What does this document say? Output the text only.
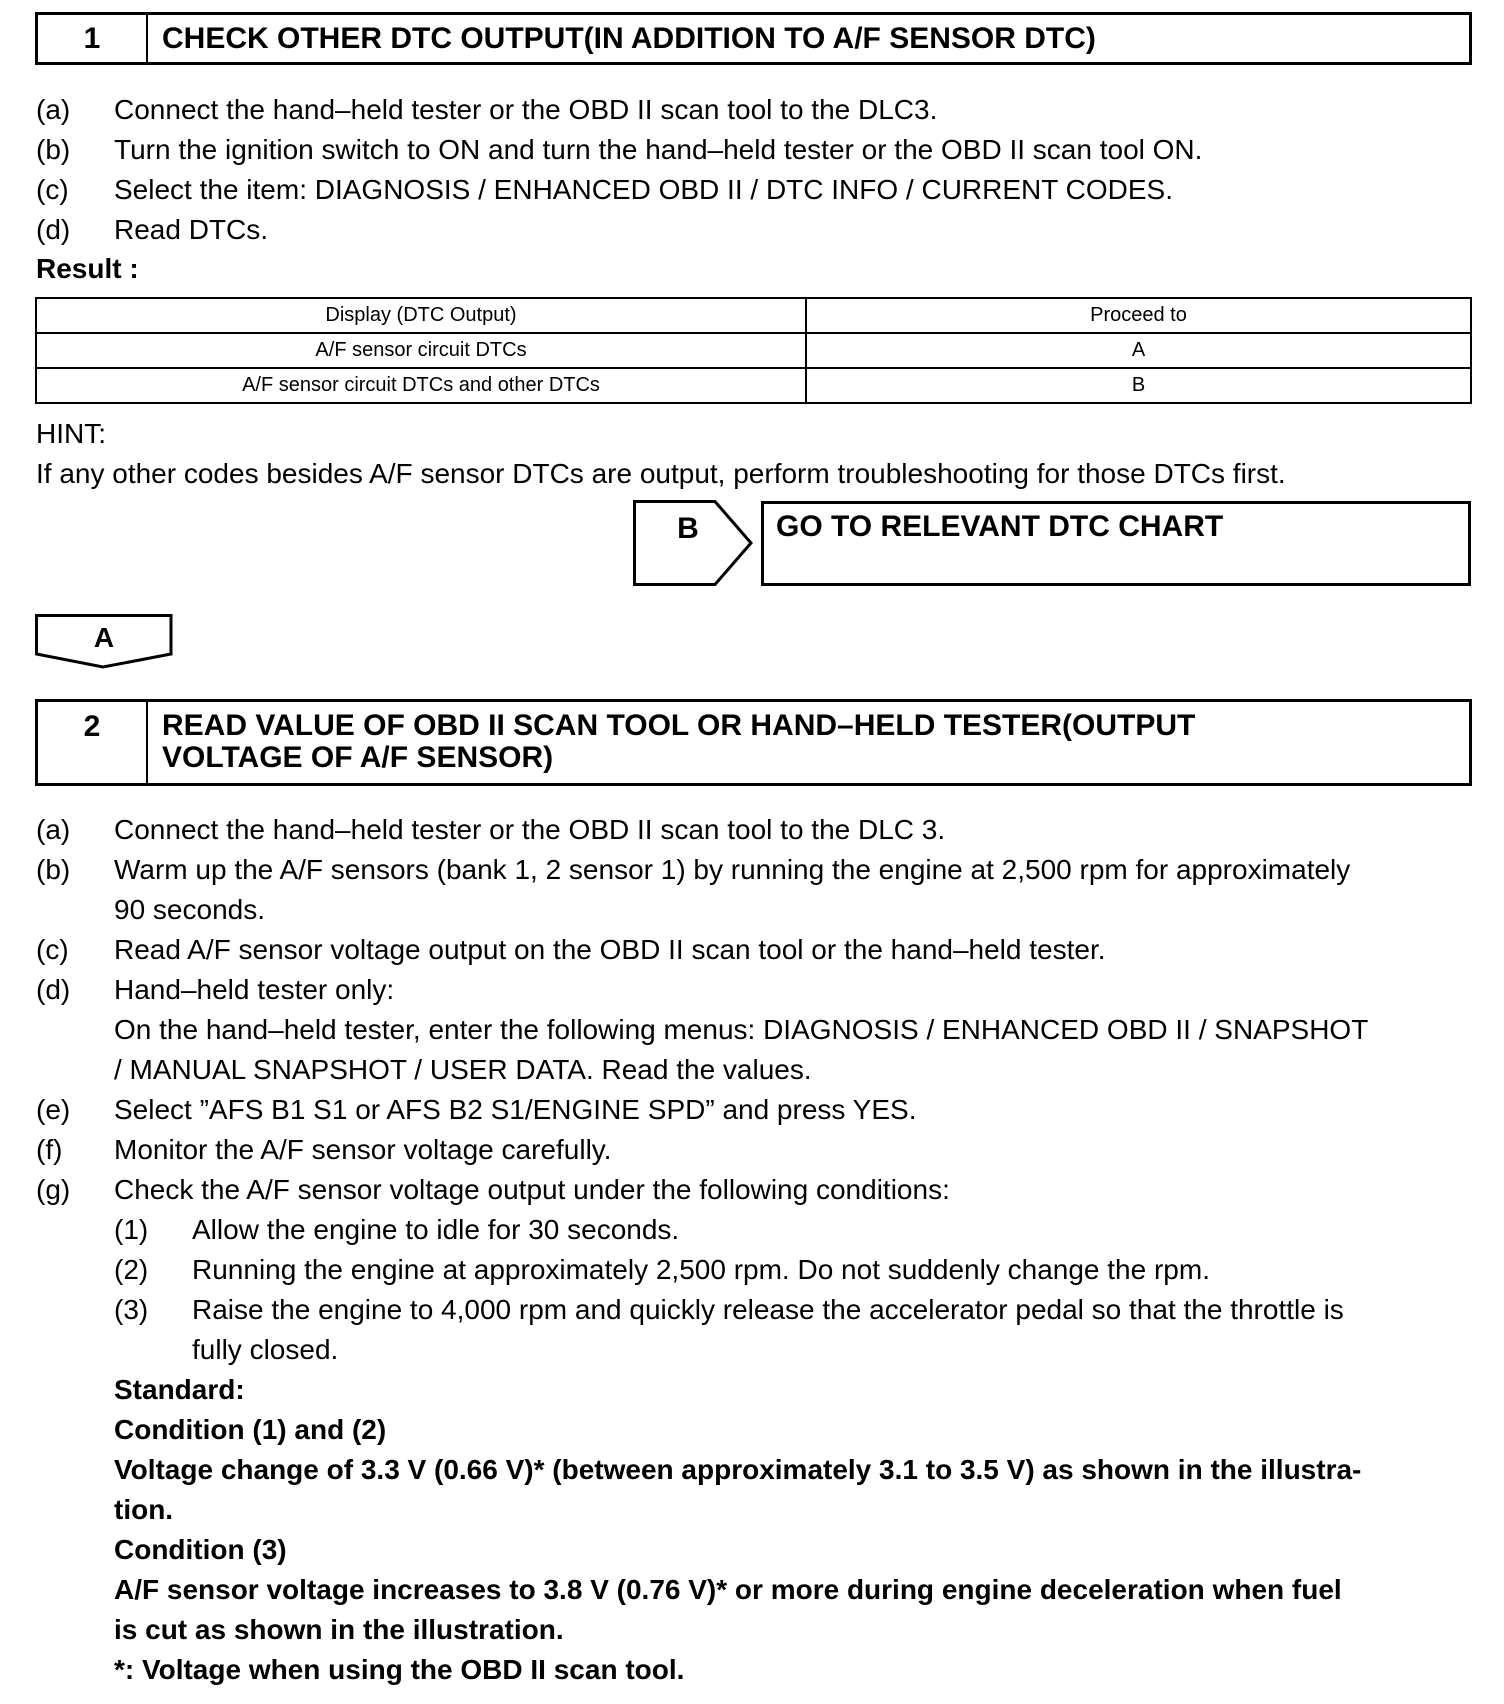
1	CHECK OTHER DTC OUTPUT(IN ADDITION TO A/F SENSOR DTC)
(a) Connect the hand–held tester or the OBD II scan tool to the DLC3.
(b) Turn the ignition switch to ON and turn the hand–held tester or the OBD II scan tool ON.
(c) Select the item: DIAGNOSIS / ENHANCED OBD II / DTC INFO / CURRENT CODES.
(d) Read DTCs.
Result :
Display (DTC Output)	Proceed to
A/F sensor circuit DTCs	A
A/F sensor circuit DTCs and other DTCs	B
HINT:
If any other codes besides A/F sensor DTCs are output, perform troubleshooting for those DTCs first.
B	GO TO RELEVANT DTC CHART
A
2	READ VALUE OF OBD II SCAN TOOL OR HAND–HELD TESTER(OUTPUT
VOLTAGE OF A/F SENSOR)
(a) Connect the hand–held tester or the OBD II scan tool to the DLC 3.
(b) Warm up the A/F sensors (bank 1, 2 sensor 1) by running the engine at 2,500 rpm for approximately
90 seconds.
(c) Read A/F sensor voltage output on the OBD II scan tool or the hand–held tester.
(d) Hand–held tester only:
On the hand–held tester, enter the following menus: DIAGNOSIS / ENHANCED OBD II / SNAPSHOT
/ MANUAL SNAPSHOT / USER DATA. Read the values.
(e) Select ”AFS B1 S1 or AFS B2 S1/ENGINE SPD” and press YES.
(f) Monitor the A/F sensor voltage carefully.
(g) Check the A/F sensor voltage output under the following conditions:
(1) Allow the engine to idle for 30 seconds.
(2) Running the engine at approximately 2,500 rpm. Do not suddenly change the rpm.
(3) Raise the engine to 4,000 rpm and quickly release the accelerator pedal so that the throttle is
fully closed.
Standard:
Condition (1) and (2)
Voltage change of 3.3 V (0.66 V)* (between approximately 3.1 to 3.5 V) as shown in the illustra-
tion.
Condition (3)
A/F sensor voltage increases to 3.8 V (0.76 V)* or more during engine deceleration when fuel
is cut as shown in the illustration.
*: Voltage when using the OBD II scan tool.
